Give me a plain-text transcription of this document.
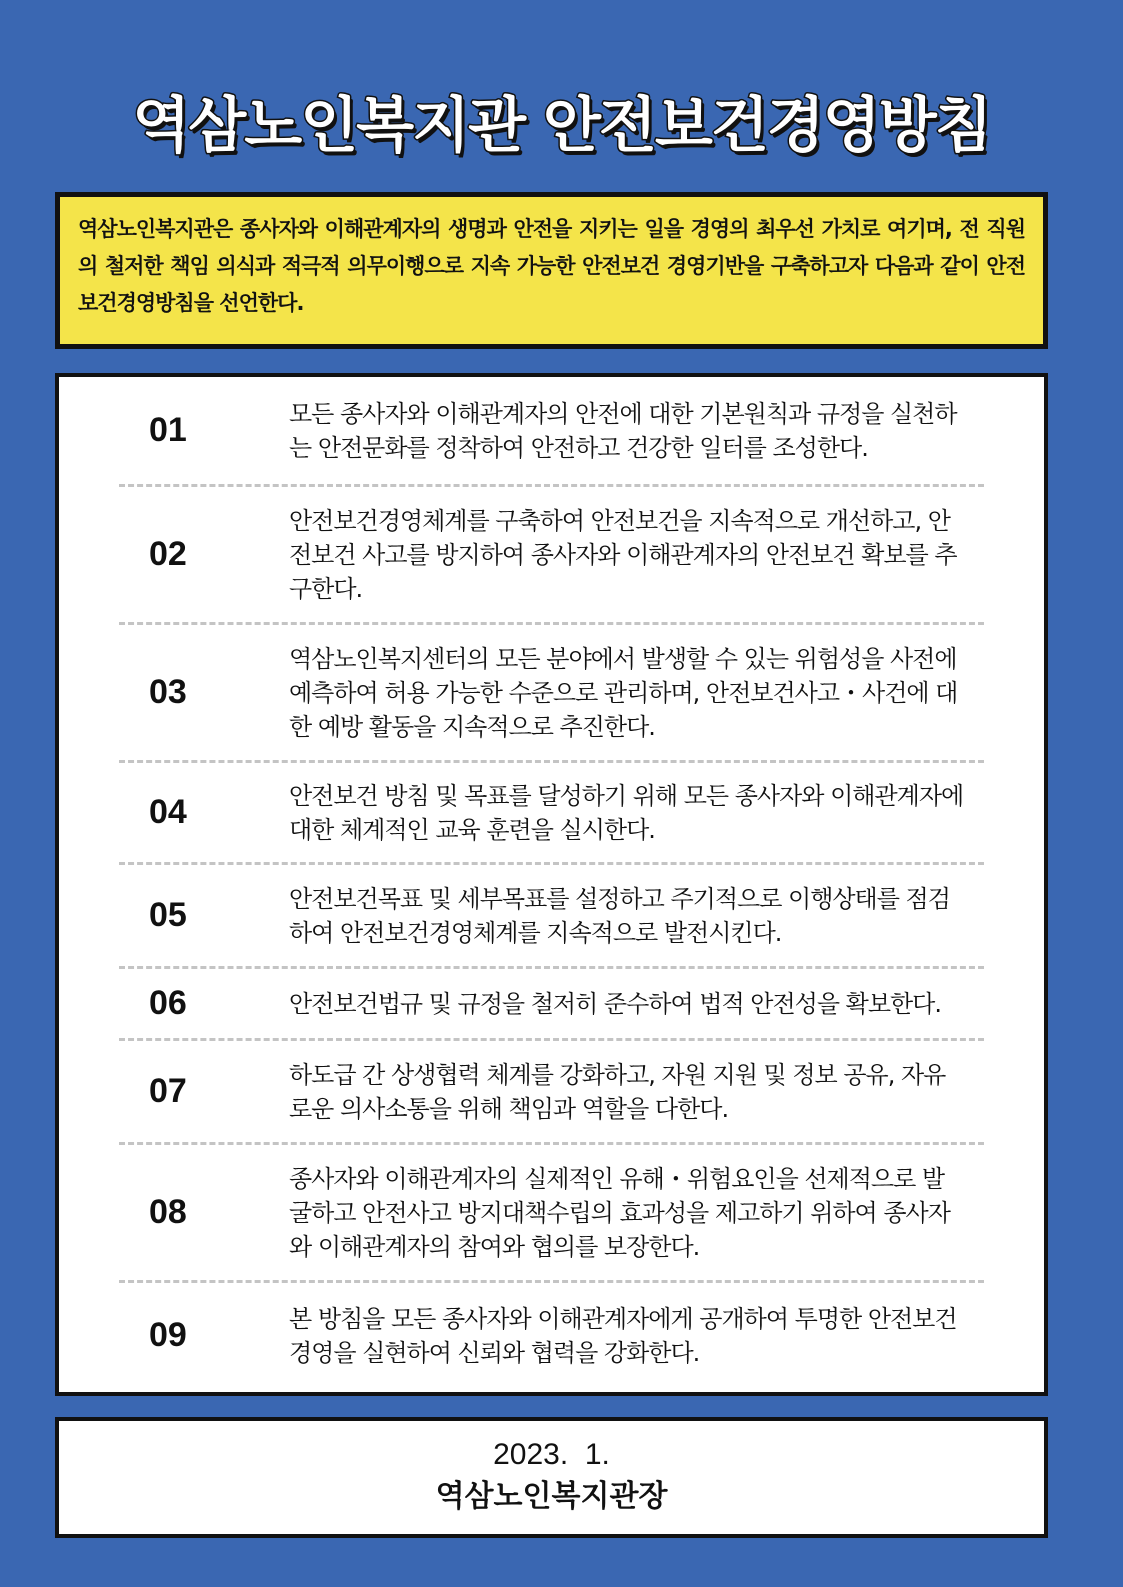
역삼노인복지관 안전보건경영방침
역삼노인복지관은 종사자와 이해관계자의 생명과 안전을 지키는 일을 경영의 최우선 가치로 여기며, 전 직원의 철저한 책임 의식과 적극적 의무이행으로 지속 가능한 안전보건 경영기반을 구축하고자 다음과 같이 안전보건경영방침을 선언한다.
01	모든 종사자와 이해관계자의 안전에 대한 기본원칙과 규정을 실천하는 안전문화를 정착하여 안전하고 건강한 일터를 조성한다.
02
안전보건경영체계를 구축하여 안전보건을 지속적으로 개선하고, 안전보건 사고를 방지하여 종사자와 이해관계자의 안전보건 확보를 추구한다.
03
역삼노인복지센터의 모든 분야에서 발생할 수 있는 위험성을 사전에 예측하여 허용 가능한 수준으로 관리하며, 안전보건사고・사건에 대한 예방 활동을 지속적으로 추진한다.
04	안전보건 방침 및 목표를 달성하기 위해 모든 종사자와 이해관계자에 대한 체계적인 교육 훈련을 실시한다.
05	안전보건목표 및 세부목표를 설정하고 주기적으로 이행상태를 점검하여 안전보건경영체계를 지속적으로 발전시킨다.
06	안전보건법규 및 규정을 철저히 준수하여 법적 안전성을 확보한다.
07	하도급 간 상생협력 체계를 강화하고, 자원 지원 및 정보 공유, 자유로운 의사소통을 위해 책임과 역할을 다한다.
08
종사자와 이해관계자의 실제적인 유해・위험요인을 선제적으로 발굴하고 안전사고 방지대책수립의 효과성을 제고하기 위하여 종사자와 이해관계자의 참여와 협의를 보장한다.
09	본 방침을 모든 종사자와 이해관계자에게 공개하여 투명한 안전보건경영을 실현하여 신뢰와 협력을 강화한다.
2023.  1.
역삼노인복지관장
